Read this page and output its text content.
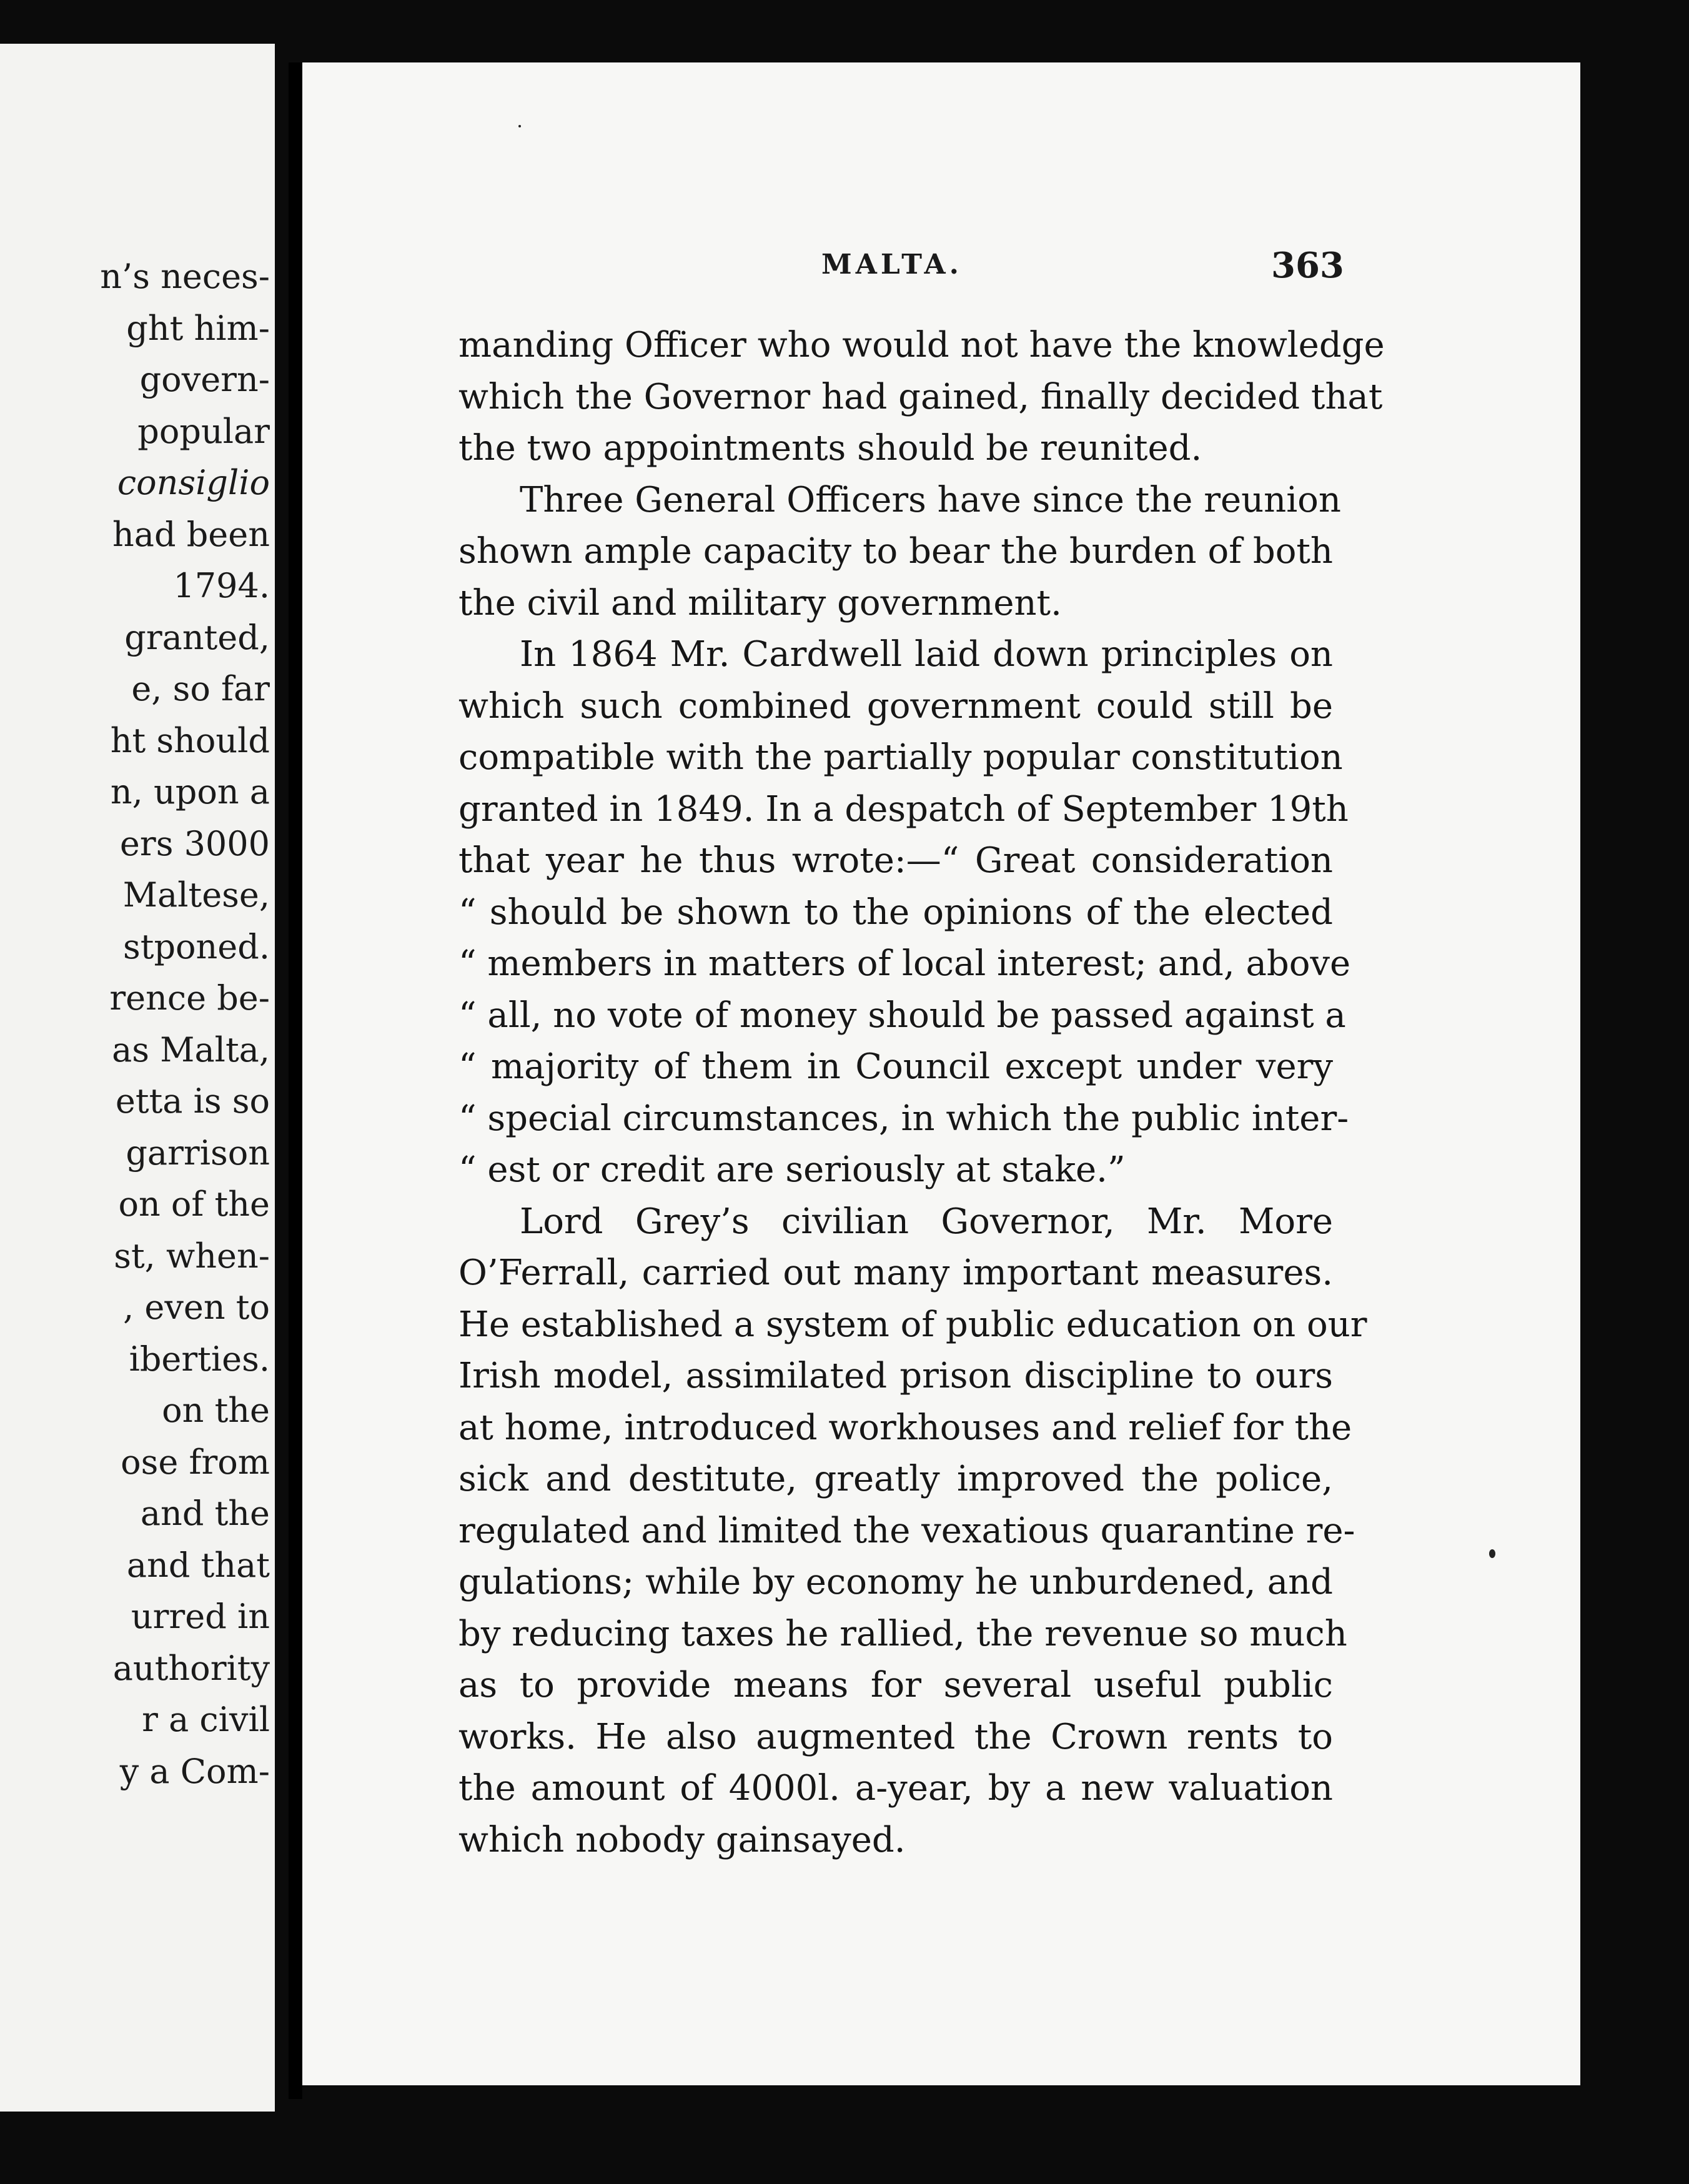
n’s neces-
ght him-
govern-
popular
consiglio
had been
1794.
granted,
e, so far
ht should
n, upon a
ers 3000
Maltese,
stponed.
rence be-
as Malta,
etta is so
garrison
on of the
st, when-
, even to
iberties.
on the
ose from
and the
and that
urred in
authority
r a civil
y a Com-
MALTA.	363
manding Officer who would not have the knowledge
which the Governor had gained, finally decided that
the two appointments should be reunited.
Three General Officers have since the reunion
shown ample capacity to bear the burden of both
the civil and military government.
In 1864 Mr. Cardwell laid down principles on
which such combined government could still be
compatible with the partially popular constitution
granted in 1849. In a despatch of September 19th
that year he thus wrote:—“ Great consideration
“ should be shown to the opinions of the elected
“ members in matters of local interest; and, above
“ all, no vote of money should be passed against a
“ majority of them in Council except under very
“ special circumstances, in which the public inter-
“ est or credit are seriously at stake.”
Lord Grey’s civilian Governor, Mr. More
O’Ferrall, carried out many important measures.
He established a system of public education on our
Irish model, assimilated prison discipline to ours
at home, introduced workhouses and relief for the
sick and destitute, greatly improved the police,
regulated and limited the vexatious quarantine re-
gulations; while by economy he unburdened, and
by reducing taxes he rallied, the revenue so much
as to provide means for several useful public
works. He also augmented the Crown rents to
the amount of 4000l. a-year, by a new valuation
which nobody gainsayed.
